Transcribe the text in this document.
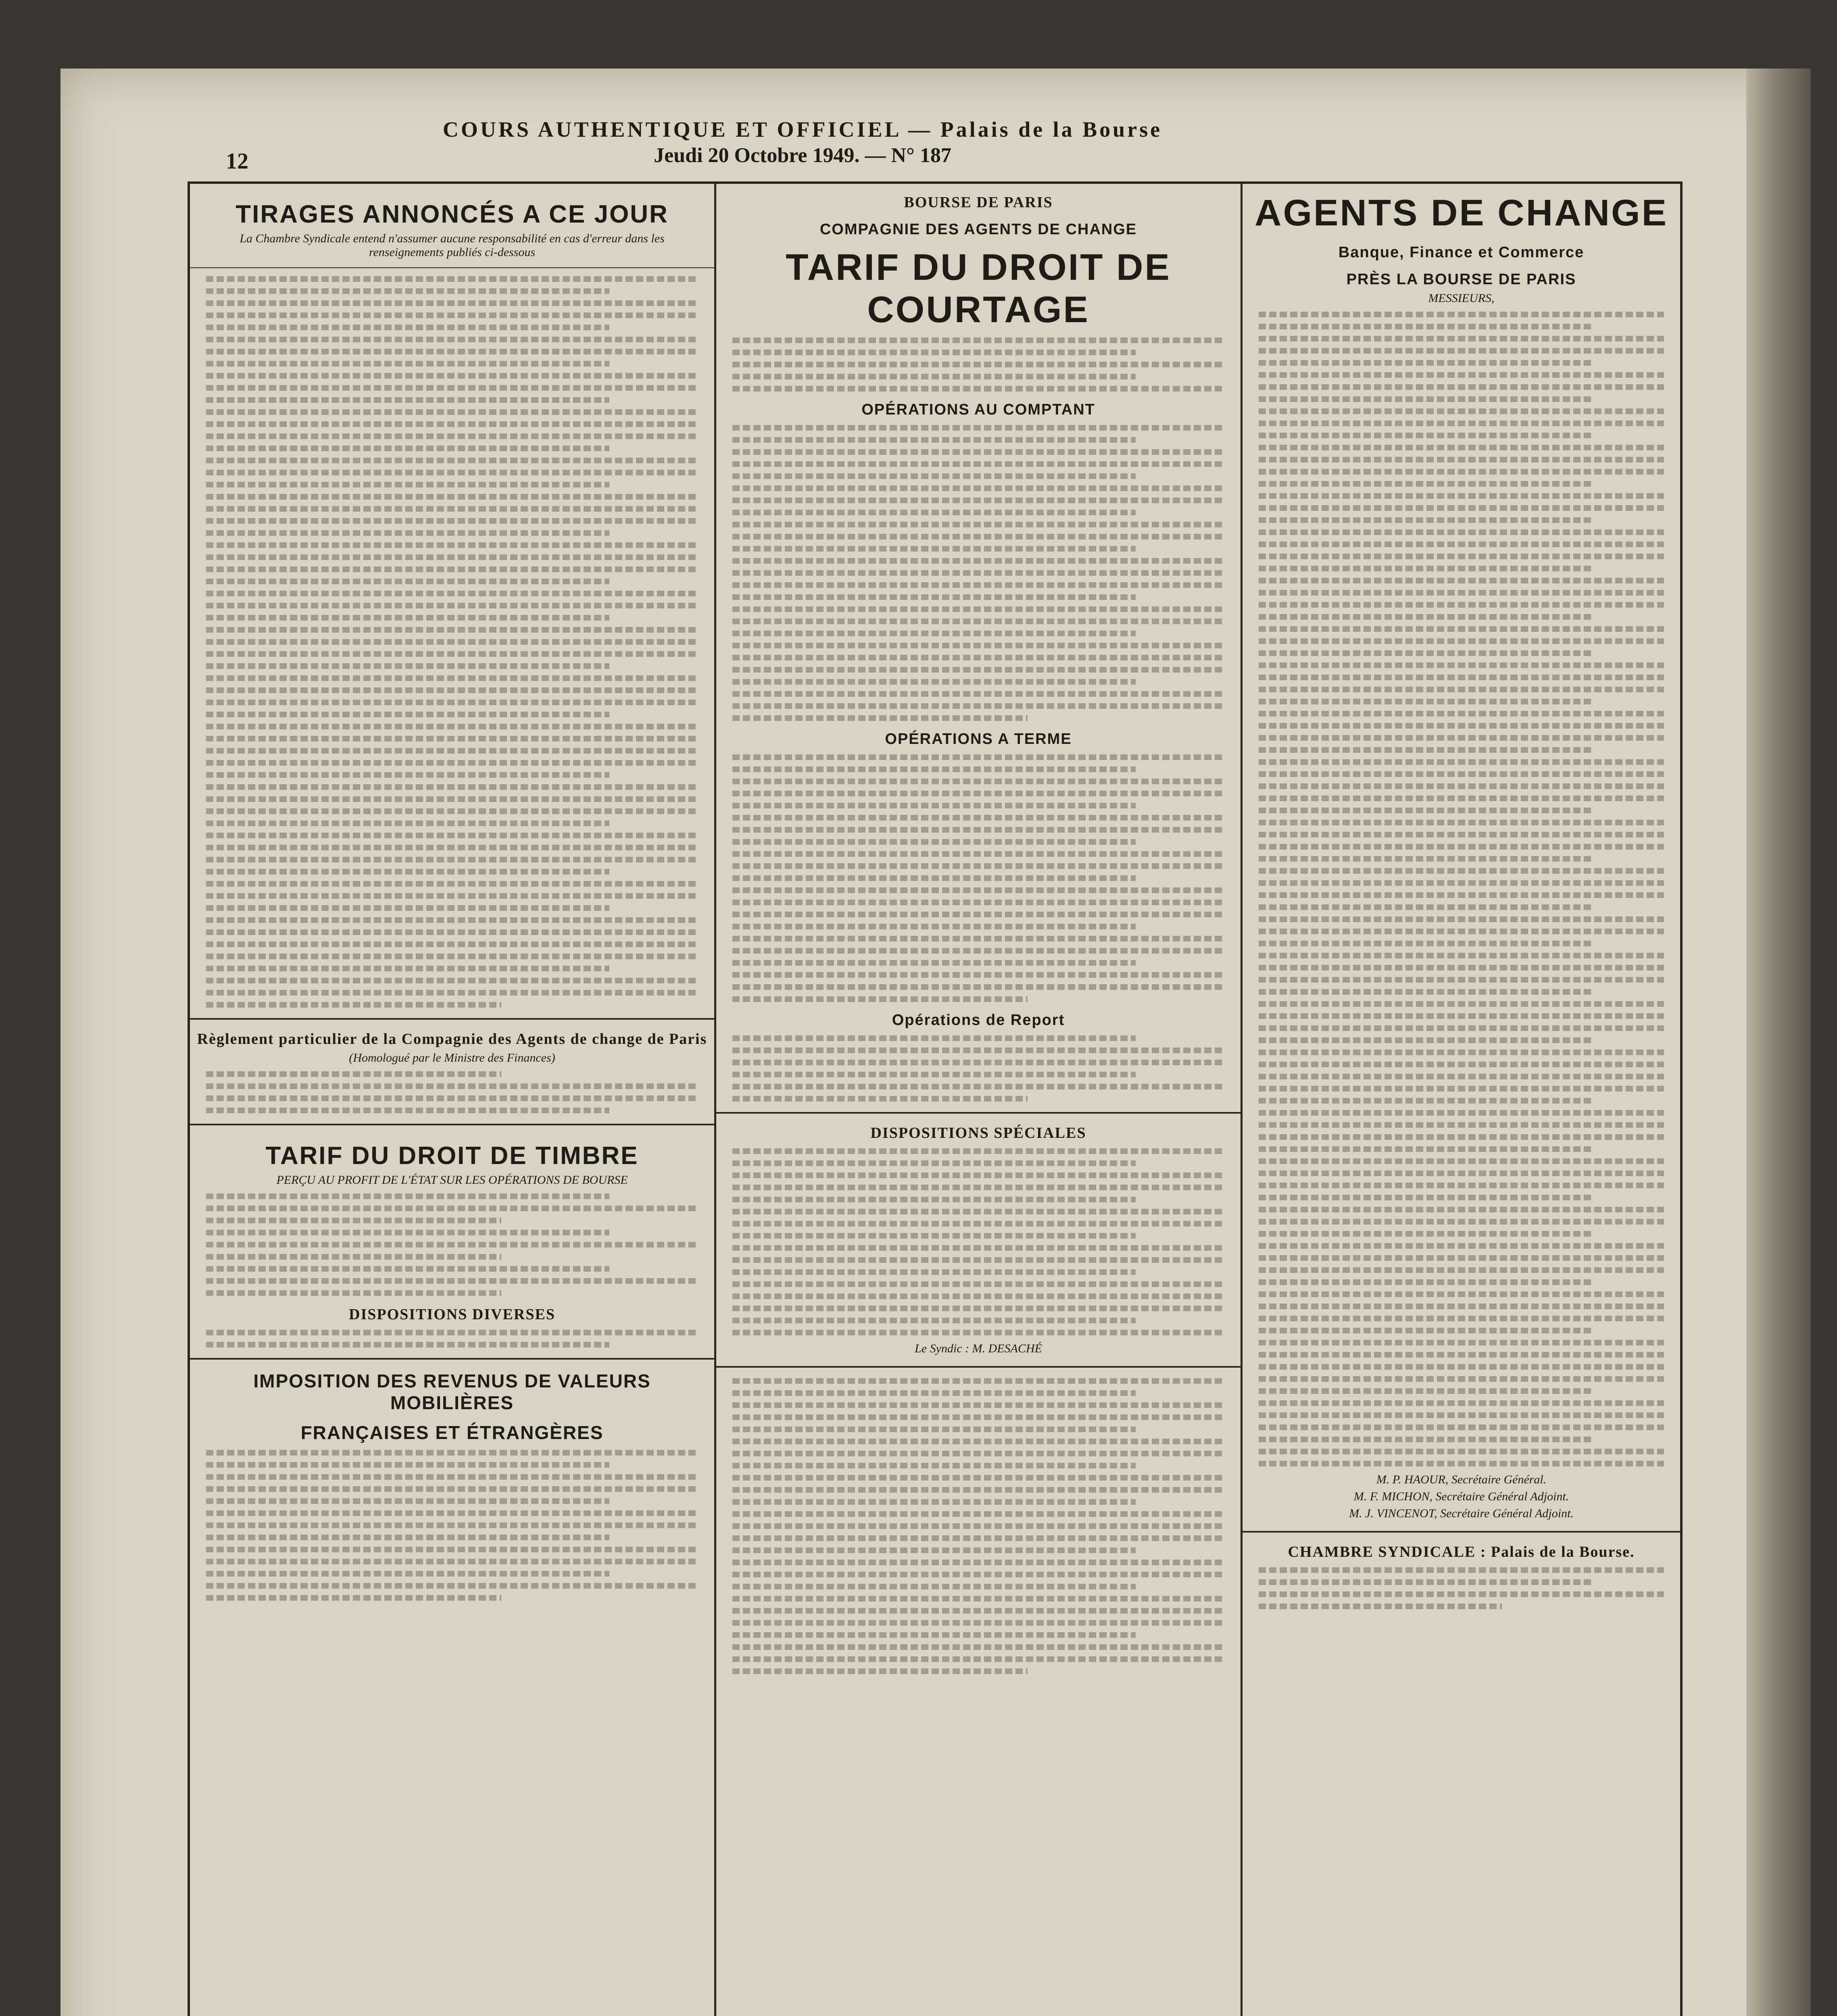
12
COURS AUTHENTIQUE ET OFFICIEL — Palais de la Bourse
Jeudi 20 Octobre 1949. — N° 187
TIRAGES ANNONCÉS A CE JOUR
La Chambre Syndicale entend n'assumer aucune responsabilité en cas d'erreur dans les renseignements publiés ci-dessous
Règlement particulier de la Compagnie des Agents de change de Paris
(Homologué par le Ministre des Finances)
TARIF DU DROIT DE TIMBRE
PERÇU AU PROFIT DE L'ÉTAT SUR LES OPÉRATIONS DE BOURSE
DISPOSITIONS DIVERSES
IMPOSITION DES REVENUS DE VALEURS MOBILIÈRES
FRANÇAISES ET ÉTRANGÈRES
BOURSE DE PARIS
COMPAGNIE DES AGENTS DE CHANGE
TARIF DU DROIT DE COURTAGE
OPÉRATIONS AU COMPTANT
OPÉRATIONS A TERME
Opérations de Report
DISPOSITIONS SPÉCIALES
Le Syndic : M. DESACHÉ
AGENTS DE CHANGE
Banque, Finance et Commerce
PRÈS LA BOURSE DE PARIS
MESSIEURS,
M. P. HAOUR, Secrétaire Général.
M. F. MICHON, Secrétaire Général Adjoint.
M. J. VINCENOT, Secrétaire Général Adjoint.
CHAMBRE SYNDICALE : Palais de la Bourse.
